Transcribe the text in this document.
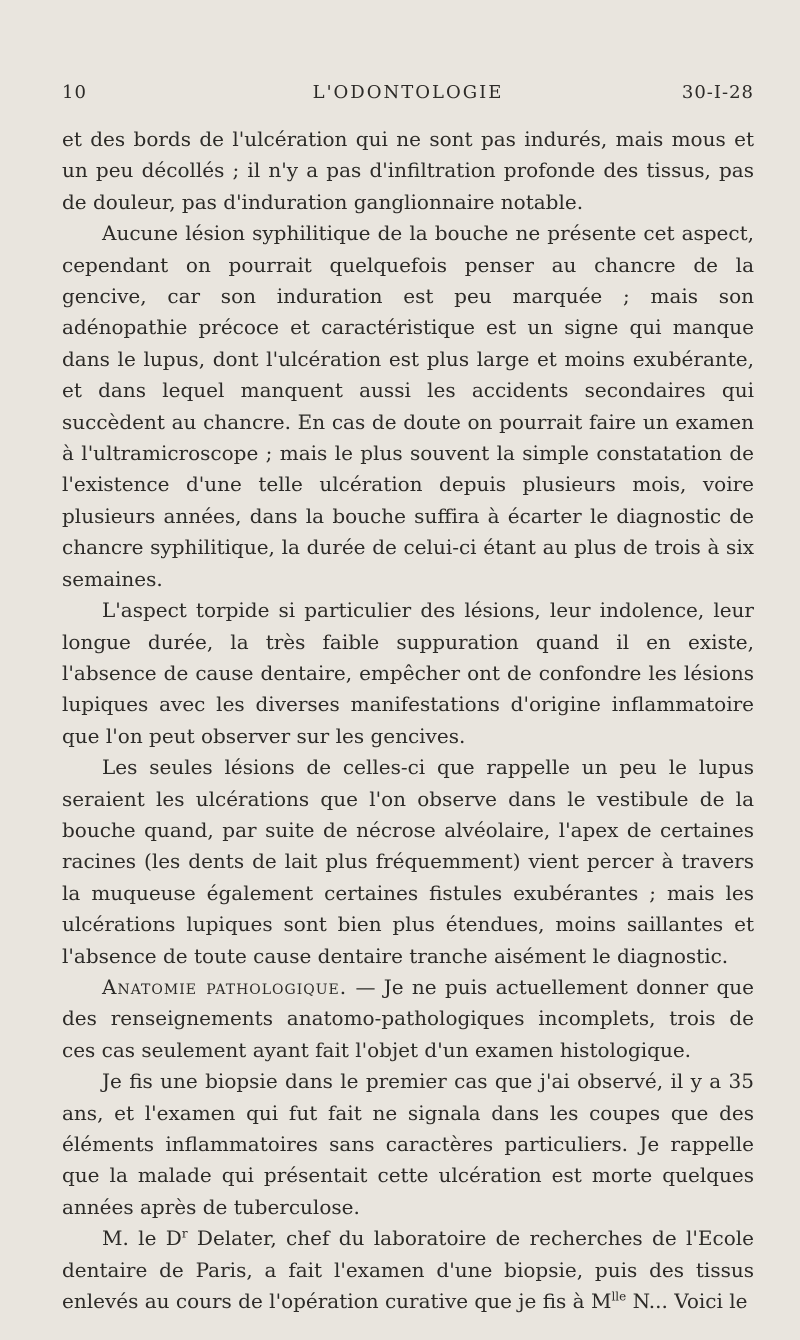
10	L'ODONTOLOGIE	30-I-28

et des bords de l'ulcération qui ne sont pas indurés, mais mous et un peu décollés ; il n'y a pas d'infiltration profonde des tissus, pas de douleur, pas d'induration ganglionnaire notable.

Aucune lésion syphilitique de la bouche ne présente cet aspect, cependant on pourrait quelquefois penser au chancre de la gencive, car son induration est peu marquée ; mais son adénopathie précoce et caractéristique est un signe qui manque dans le lupus, dont l'ulcération est plus large et moins exubérante, et dans lequel manquent aussi les accidents secondaires qui succèdent au chancre. En cas de doute on pourrait faire un examen à l'ultramicroscope ; mais le plus souvent la simple constatation de l'existence d'une telle ulcération depuis plusieurs mois, voire plusieurs années, dans la bouche suffira à écarter le diagnostic de chancre syphilitique, la durée de celui-ci étant au plus de trois à six semaines.

L'aspect torpide si particulier des lésions, leur indolence, leur longue durée, la très faible suppuration quand il en existe, l'absence de cause dentaire, empêcher ont de confondre les lésions lupiques avec les diverses manifestations d'origine inflammatoire que l'on peut observer sur les gencives.

Les seules lésions de celles-ci que rappelle un peu le lupus seraient les ulcérations que l'on observe dans le vestibule de la bouche quand, par suite de nécrose alvéolaire, l'apex de certaines racines (les dents de lait plus fréquemment) vient percer à travers la muqueuse également certaines fistules exubérantes ; mais les ulcérations lupiques sont bien plus étendues, moins saillantes et l'absence de toute cause dentaire tranche aisément le diagnostic.

Anatomie pathologique. — Je ne puis actuellement donner que des renseignements anatomo-pathologiques incomplets, trois de ces cas seulement ayant fait l'objet d'un examen histologique.

Je fis une biopsie dans le premier cas que j'ai observé, il y a 35 ans, et l'examen qui fut fait ne signala dans les coupes que des éléments inflammatoires sans caractères particuliers. Je rappelle que la malade qui présentait cette ulcération est morte quelques années après de tuberculose.

M. le $D^r$ Delater, chef du laboratoire de recherches de l'Ecole dentaire de Paris, a fait l'examen d'une biopsie, puis des tissus enlevés au cours de l'opération curative que je fis à $M^{lle}$ N... Voici le
